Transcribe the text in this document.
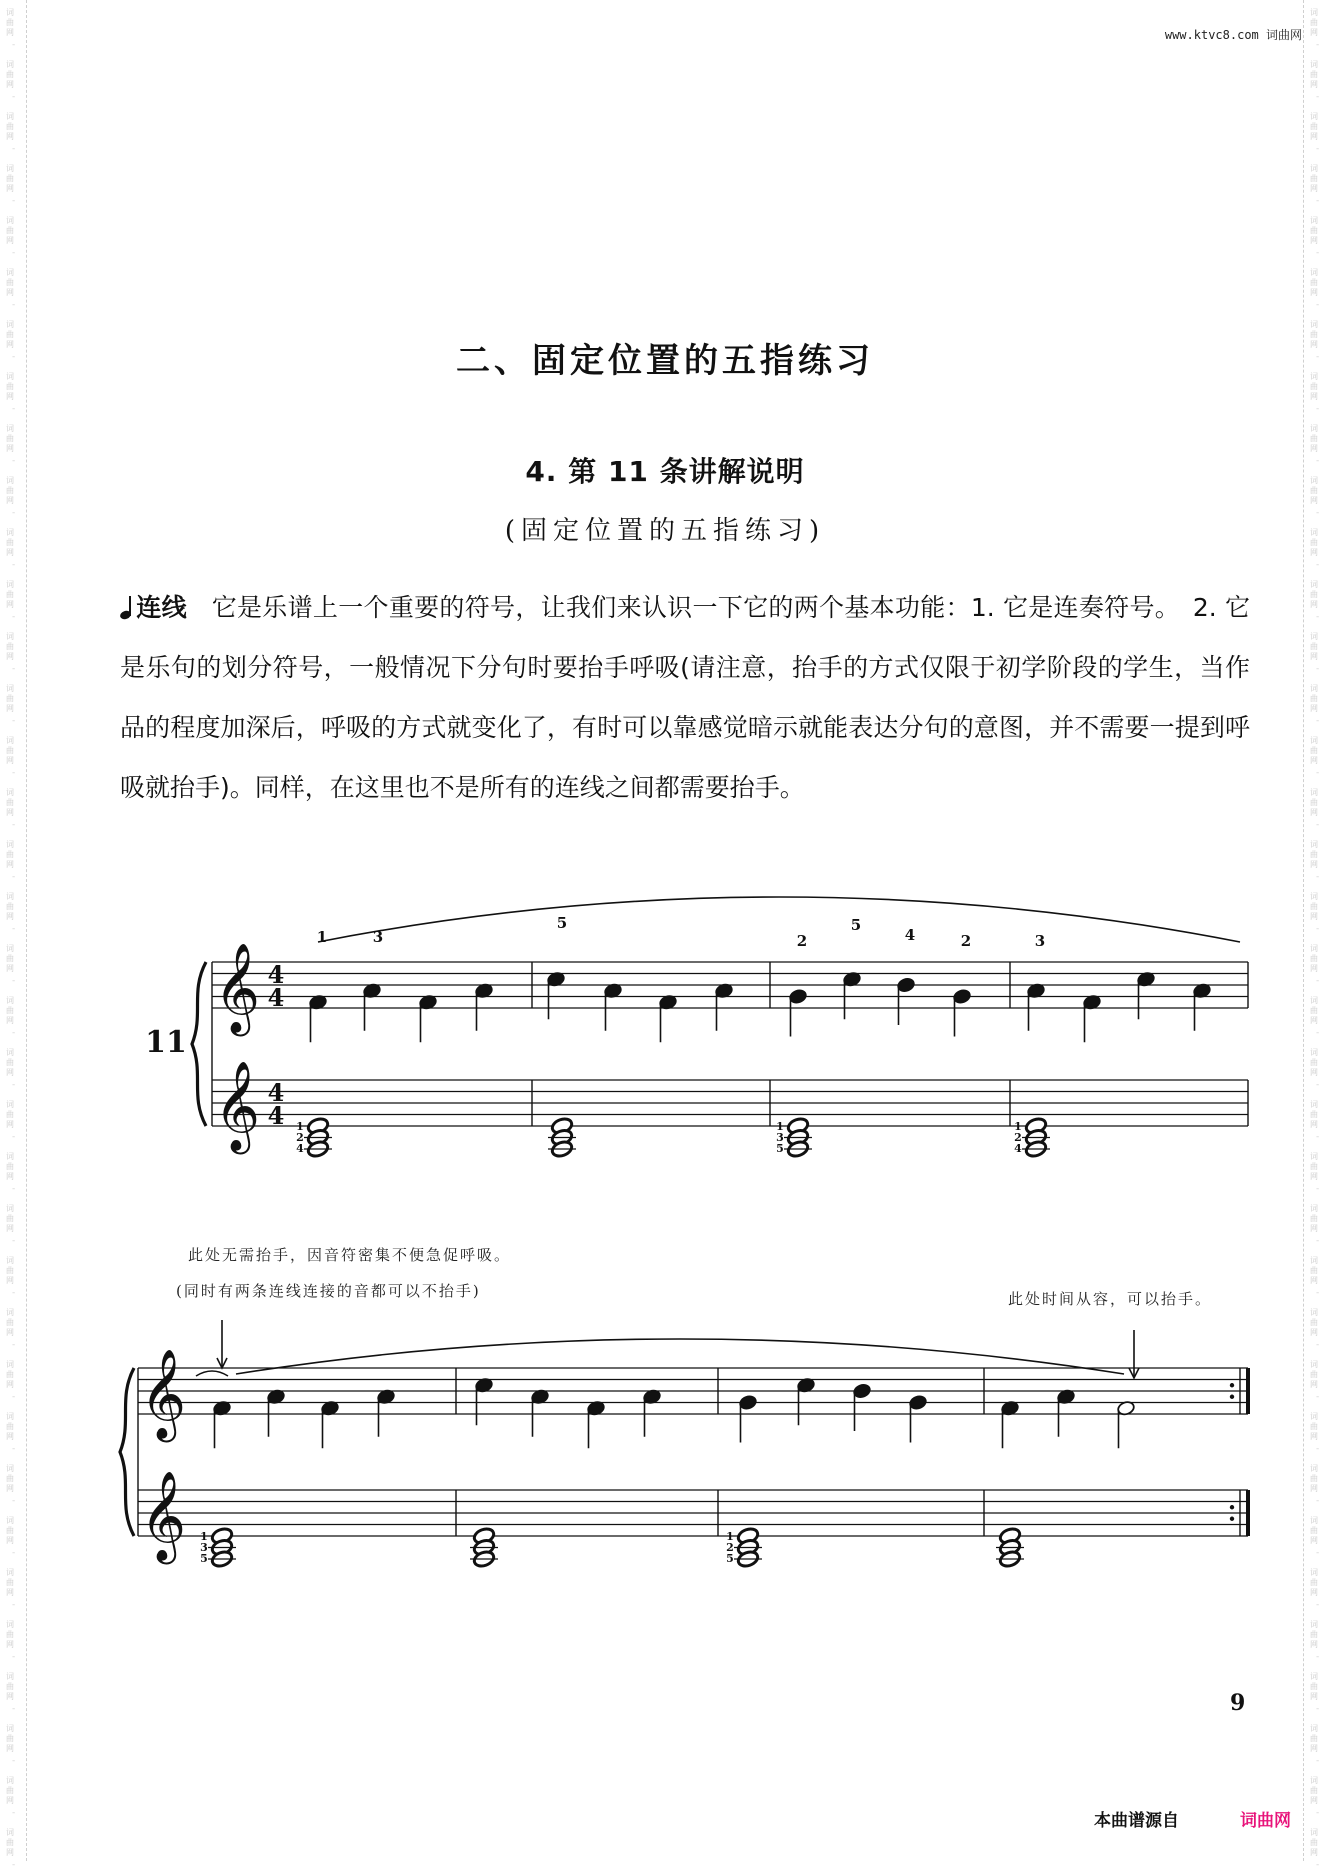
词
曲
网
-
词
曲
网
-
词
曲
网
-
词
曲
网
-
词
曲
网
-
词
曲
网
-
词
曲
网
-
词
曲
网
-
词
曲
网
-
词
曲
网
-
词
曲
网
-
词
曲
网
-
词
曲
网
-
词
曲
网
-
词
曲
网
-
词
曲
网
-
词
曲
网
-
词
曲
网
-
词
曲
网
-
词
曲
网
-
词
曲
网
-
词
曲
网
-
词
曲
网
-
词
曲
网
-
词
曲
网
-
词
曲
网
-
词
曲
网
-
词
曲
网
-
词
曲
网
-
词
曲
网
-
词
曲
网
-
词
曲
网
-
词
曲
网
-
词
曲
网
-
词
曲
网
-
词
曲
网
-
词
曲
网
-
词
曲
网
-
词
曲
网
-
词
曲
网
-
词
曲
网
-
词
曲
网
-
词
曲
网
-
词
曲
网
-
词
曲
网
-
词
曲
网
-
词
曲
网
-
词
曲
网
-
词
曲
网
-
词
曲
网
-
词
曲
网
-
词
曲
网
-
词
曲
网
-
词
曲
网
-
词
曲
网
-
词
曲
网
-
词
曲
网
-
词
曲
网
-
词
曲
网
-
词
曲
网
-
词
曲
网
-
词
曲
网
-
词
曲
网
-
词
曲
网
-
词
曲
网
-
词
曲
网
-
词
曲
网
-
词
曲
网
-
词
曲
网
-
词
曲
网
-
词
曲
网
-
词
曲
网
-
www.ktvc8.com 词曲网
二、固定位置的五指练习
4. 第 11 条讲解说明
(固定位置的五指练习)
连线 它是乐谱上一个重要的符号，让我们来认识一下它的两个基本功能：1. 它是连奏符号。　2. 它是乐句的划分符号，一般情况下分句时要抬手呼吸(请注意，抬手的方式仅限于初学阶段的学生，当作品的程度加深后，呼吸的方式就变化了，有时可以靠感觉暗示就能表达分句的意图，并不需要一提到呼吸就抬手)。同样，在这里也不是所有的连线之间都需要抬手。
此处无需抬手，因音符密集不便急促呼吸。
(同时有两条连线连接的音都可以不抬手)	此处时间从容，可以抬手。
𝄞
𝄞
4
4
4
4
11
1	3
5
2
5
4	2	3
1
2
4
1
3
5
1
2
4
𝄞
𝄞 1
3
5
1
2
5
9
本曲谱源自	词曲网
